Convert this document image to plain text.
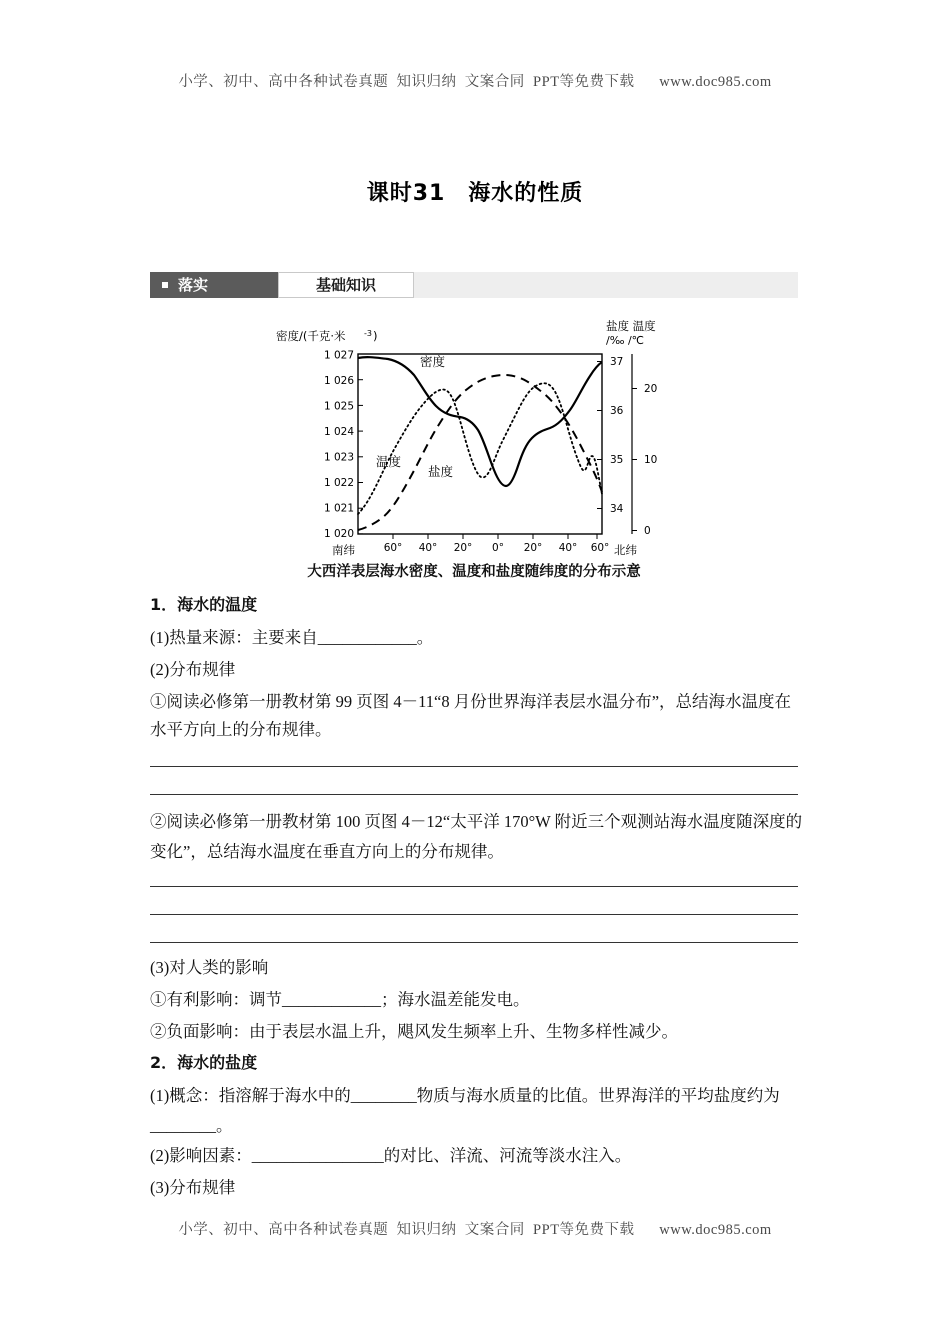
小学、初中、高中各种试卷真题  知识归纳  文案合同  PPT等免费下载      www.doc985.com
课时31　海水的性质
落实	基础知识
1 027
1 026
1 025
1 024
1 023
1 022
1 021
1 020
密度/(千克·米 -3 )
盐度 温度
/‰ /℃
37
36
35
34
20
10
0
60° 40° 20° 0° 20° 40° 60°
南纬	北纬
密度
温度
盐度
大西洋表层海水密度、温度和盐度随纬度的分布示意
1．海水的温度
(1)热量来源：主要来自____________。
(2)分布规律
①阅读必修第一册教材第 99 页图 4－11“8 月份世界海洋表层水温分布”，总结海水温度在
水平方向上的分布规律。
②阅读必修第一册教材第 100 页图 4－12“太平洋 170°W 附近三个观测站海水温度随深度的
变化”，总结海水温度在垂直方向上的分布规律。
(3)对人类的影响
①有利影响：调节____________；海水温差能发电。
②负面影响：由于表层水温上升，飓风发生频率上升、生物多样性减少。
2．海水的盐度
(1)概念：指溶解于海水中的________物质与海水质量的比值。世界海洋的平均盐度约为
________。
(2)影响因素：________________的对比、洋流、河流等淡水注入。
(3)分布规律
小学、初中、高中各种试卷真题  知识归纳  文案合同  PPT等免费下载      www.doc985.com
